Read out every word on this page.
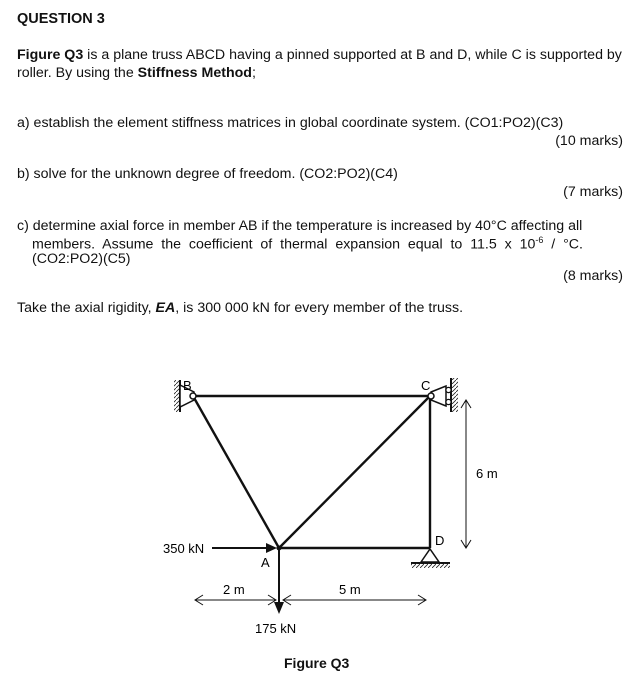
QUESTION 3
Figure Q3 is a plane truss ABCD having a pinned supported at B and D, while C is supported by roller. By using the Stiffness Method;
a) establish the element stiffness matrices in global coordinate system. (CO1:PO2)(C3)
(10 marks)
b) solve for the unknown degree of freedom. (CO2:PO2)(C4)
(7 marks)
c) determine axial force in member AB if the temperature is increased by 40°C affecting all
members.  Assume  the  coefficient  of  thermal  expansion  equal  to  11.5  x  $10^{-6} / ^\circ C$.
(CO2:PO2)(C5)
(8 marks)
Take the axial rigidity, EA, is 300 000 kN for every member of the truss.
B	C
D
A
350 kN
175 kN
2 m	5 m
6 m
Figure Q3
